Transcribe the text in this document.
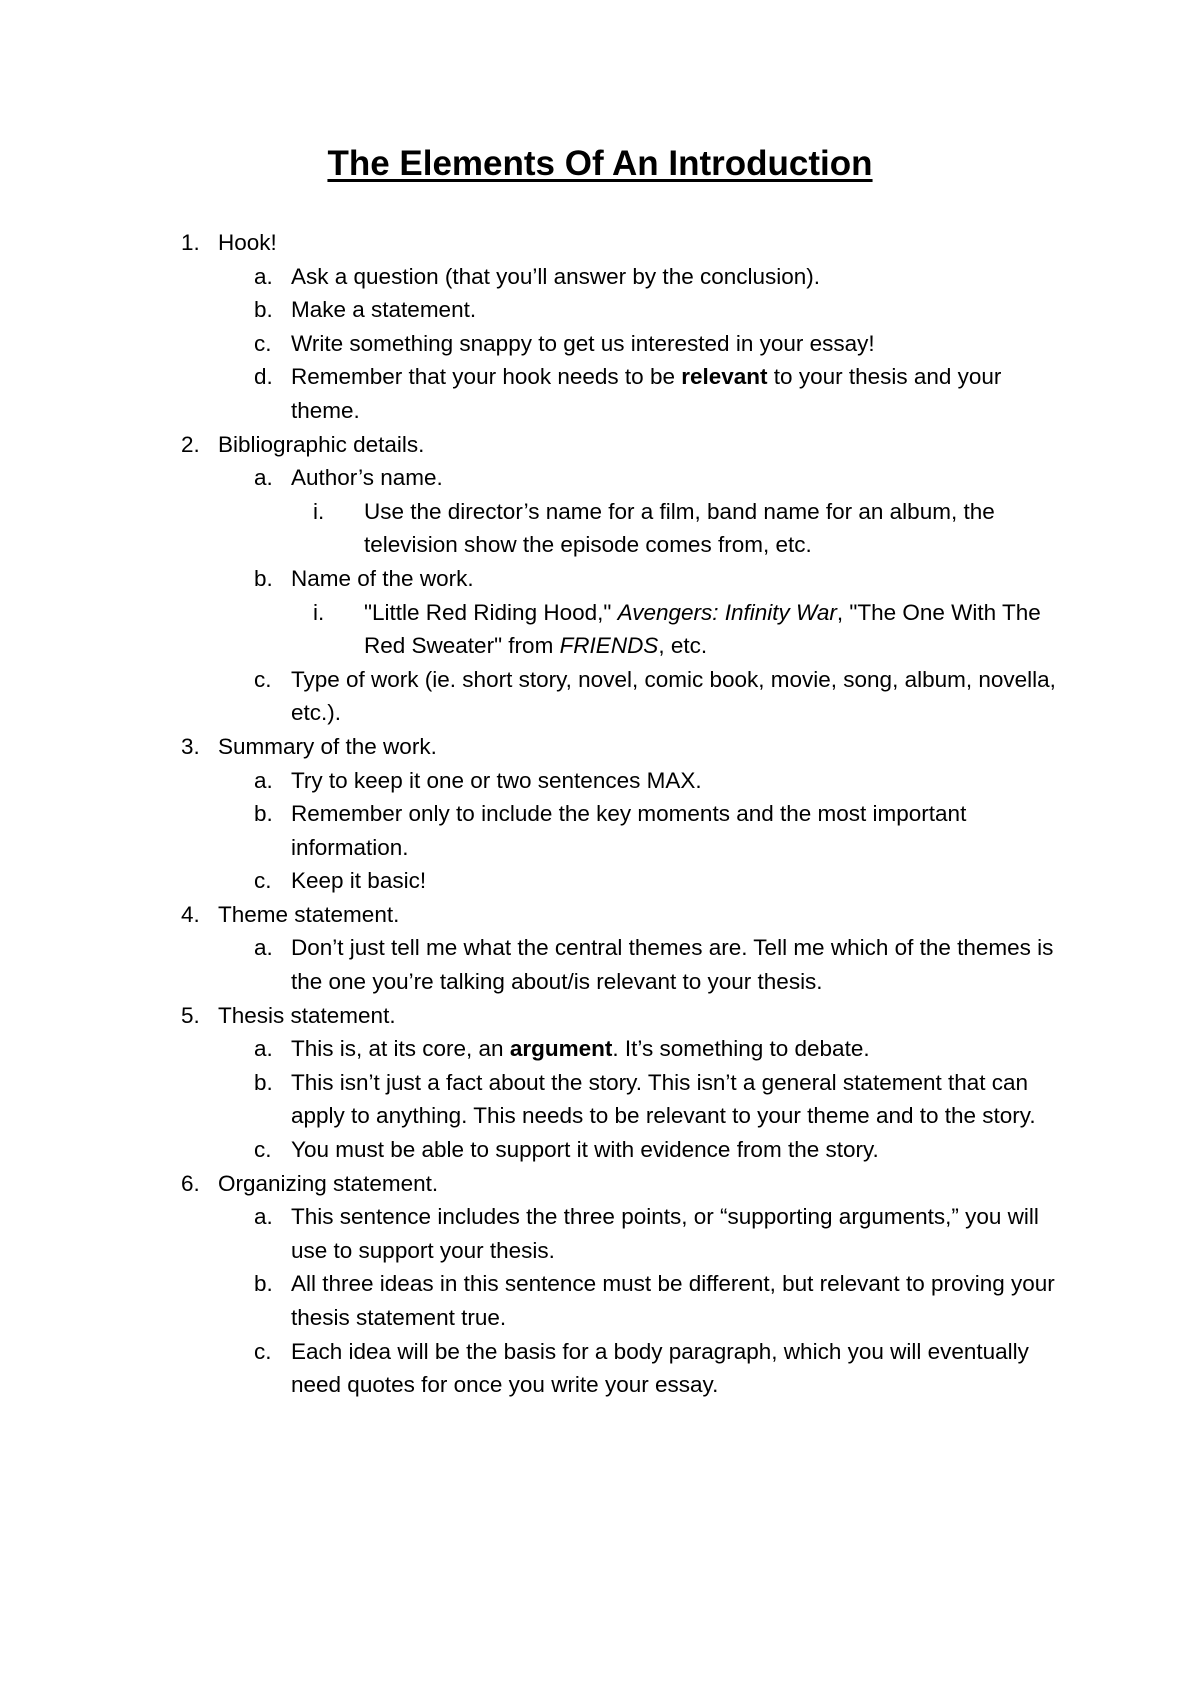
The Elements Of An Introduction
1. Hook!
a. Ask a question (that you’ll answer by the conclusion).
b. Make a statement.
c. Write something snappy to get us interested in your essay!
d. Remember that your hook needs to be relevant to your thesis and your theme.
2. Bibliographic details.
a. Author’s name.
i. Use the director’s name for a film, band name for an album, the television show the episode comes from, etc.
b. Name of the work.
i. "Little Red Riding Hood," Avengers: Infinity War, "The One With The Red Sweater" from FRIENDS, etc.
c. Type of work (ie. short story, novel, comic book, movie, song, album, novella, etc.).
3. Summary of the work.
a. Try to keep it one or two sentences MAX.
b. Remember only to include the key moments and the most important information.
c. Keep it basic!
4. Theme statement.
a. Don’t just tell me what the central themes are. Tell me which of the themes is the one you’re talking about/is relevant to your thesis.
5. Thesis statement.
a. This is, at its core, an argument. It’s something to debate.
b. This isn’t just a fact about the story. This isn’t a general statement that can apply to anything. This needs to be relevant to your theme and to the story.
c. You must be able to support it with evidence from the story.
6. Organizing statement.
a. This sentence includes the three points, or “supporting arguments,” you will use to support your thesis.
b. All three ideas in this sentence must be different, but relevant to proving your thesis statement true.
c. Each idea will be the basis for a body paragraph, which you will eventually need quotes for once you write your essay.
